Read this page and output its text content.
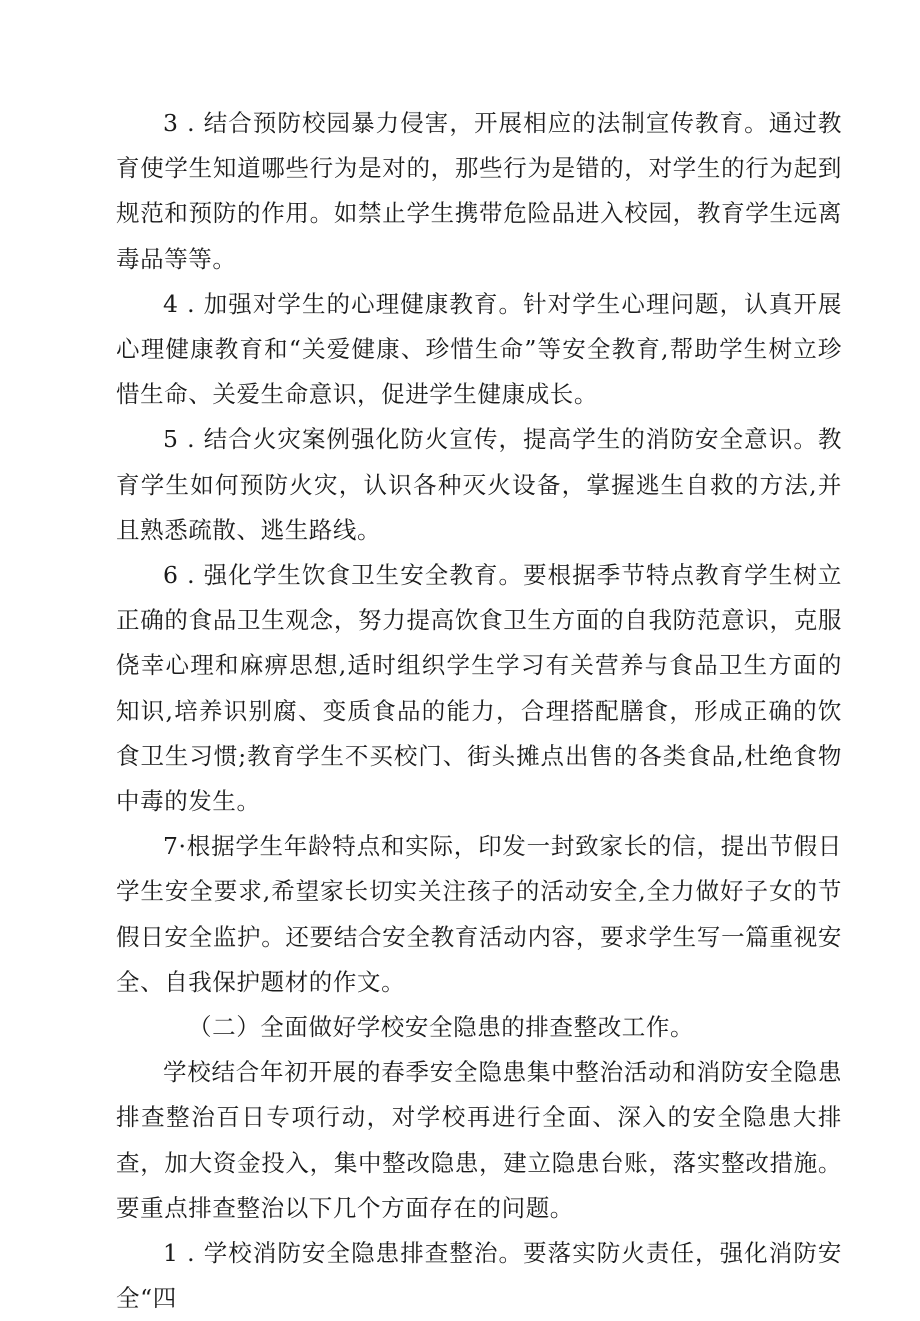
3 . 结合预防校园暴力侵害，开展相应的法制宣传教育。通过教育使学生知道哪些行为是对的，那些行为是错的，对学生的行为起到规范和预防的作用。如禁止学生携带危险品进入校园，教育学生远离毒品等等。

4 . 加强对学生的心理健康教育。针对学生心理问题，认真开展心理健康教育和“关爱健康、珍惜生命”等安全教育,帮助学生树立珍惜生命、关爱生命意识，促进学生健康成长。

5 . 结合火灾案例强化防火宣传，提高学生的消防安全意识。教育学生如何预防火灾，认识各种灭火设备，掌握逃生自救的方法,并且熟悉疏散、逃生路线。

6 . 强化学生饮食卫生安全教育。要根据季节特点教育学生树立正确的食品卫生观念，努力提高饮食卫生方面的自我防范意识，克服侥幸心理和麻痹思想,适时组织学生学习有关营养与食品卫生方面的知识,培养识别腐、变质食品的能力，合理搭配膳食，形成正确的饮食卫生习惯;教育学生不买校门、街头摊点出售的各类食品,杜绝食物中毒的发生。

7·根据学生年龄特点和实际，印发一封致家长的信，提出节假日学生安全要求,希望家长切实关注孩子的活动安全,全力做好子女的节假日安全监护。还要结合安全教育活动内容，要求学生写一篇重视安全、自我保护题材的作文。

（二）全面做好学校安全隐患的排查整改工作。

学校结合年初开展的春季安全隐患集中整治活动和消防安全隐患排查整治百日专项行动，对学校再进行全面、深入的安全隐患大排查，加大资金投入，集中整改隐患，建立隐患台账，落实整改措施。要重点排查整治以下几个方面存在的问题。

1 . 学校消防安全隐患排查整治。要落实防火责任，强化消防安全“四
